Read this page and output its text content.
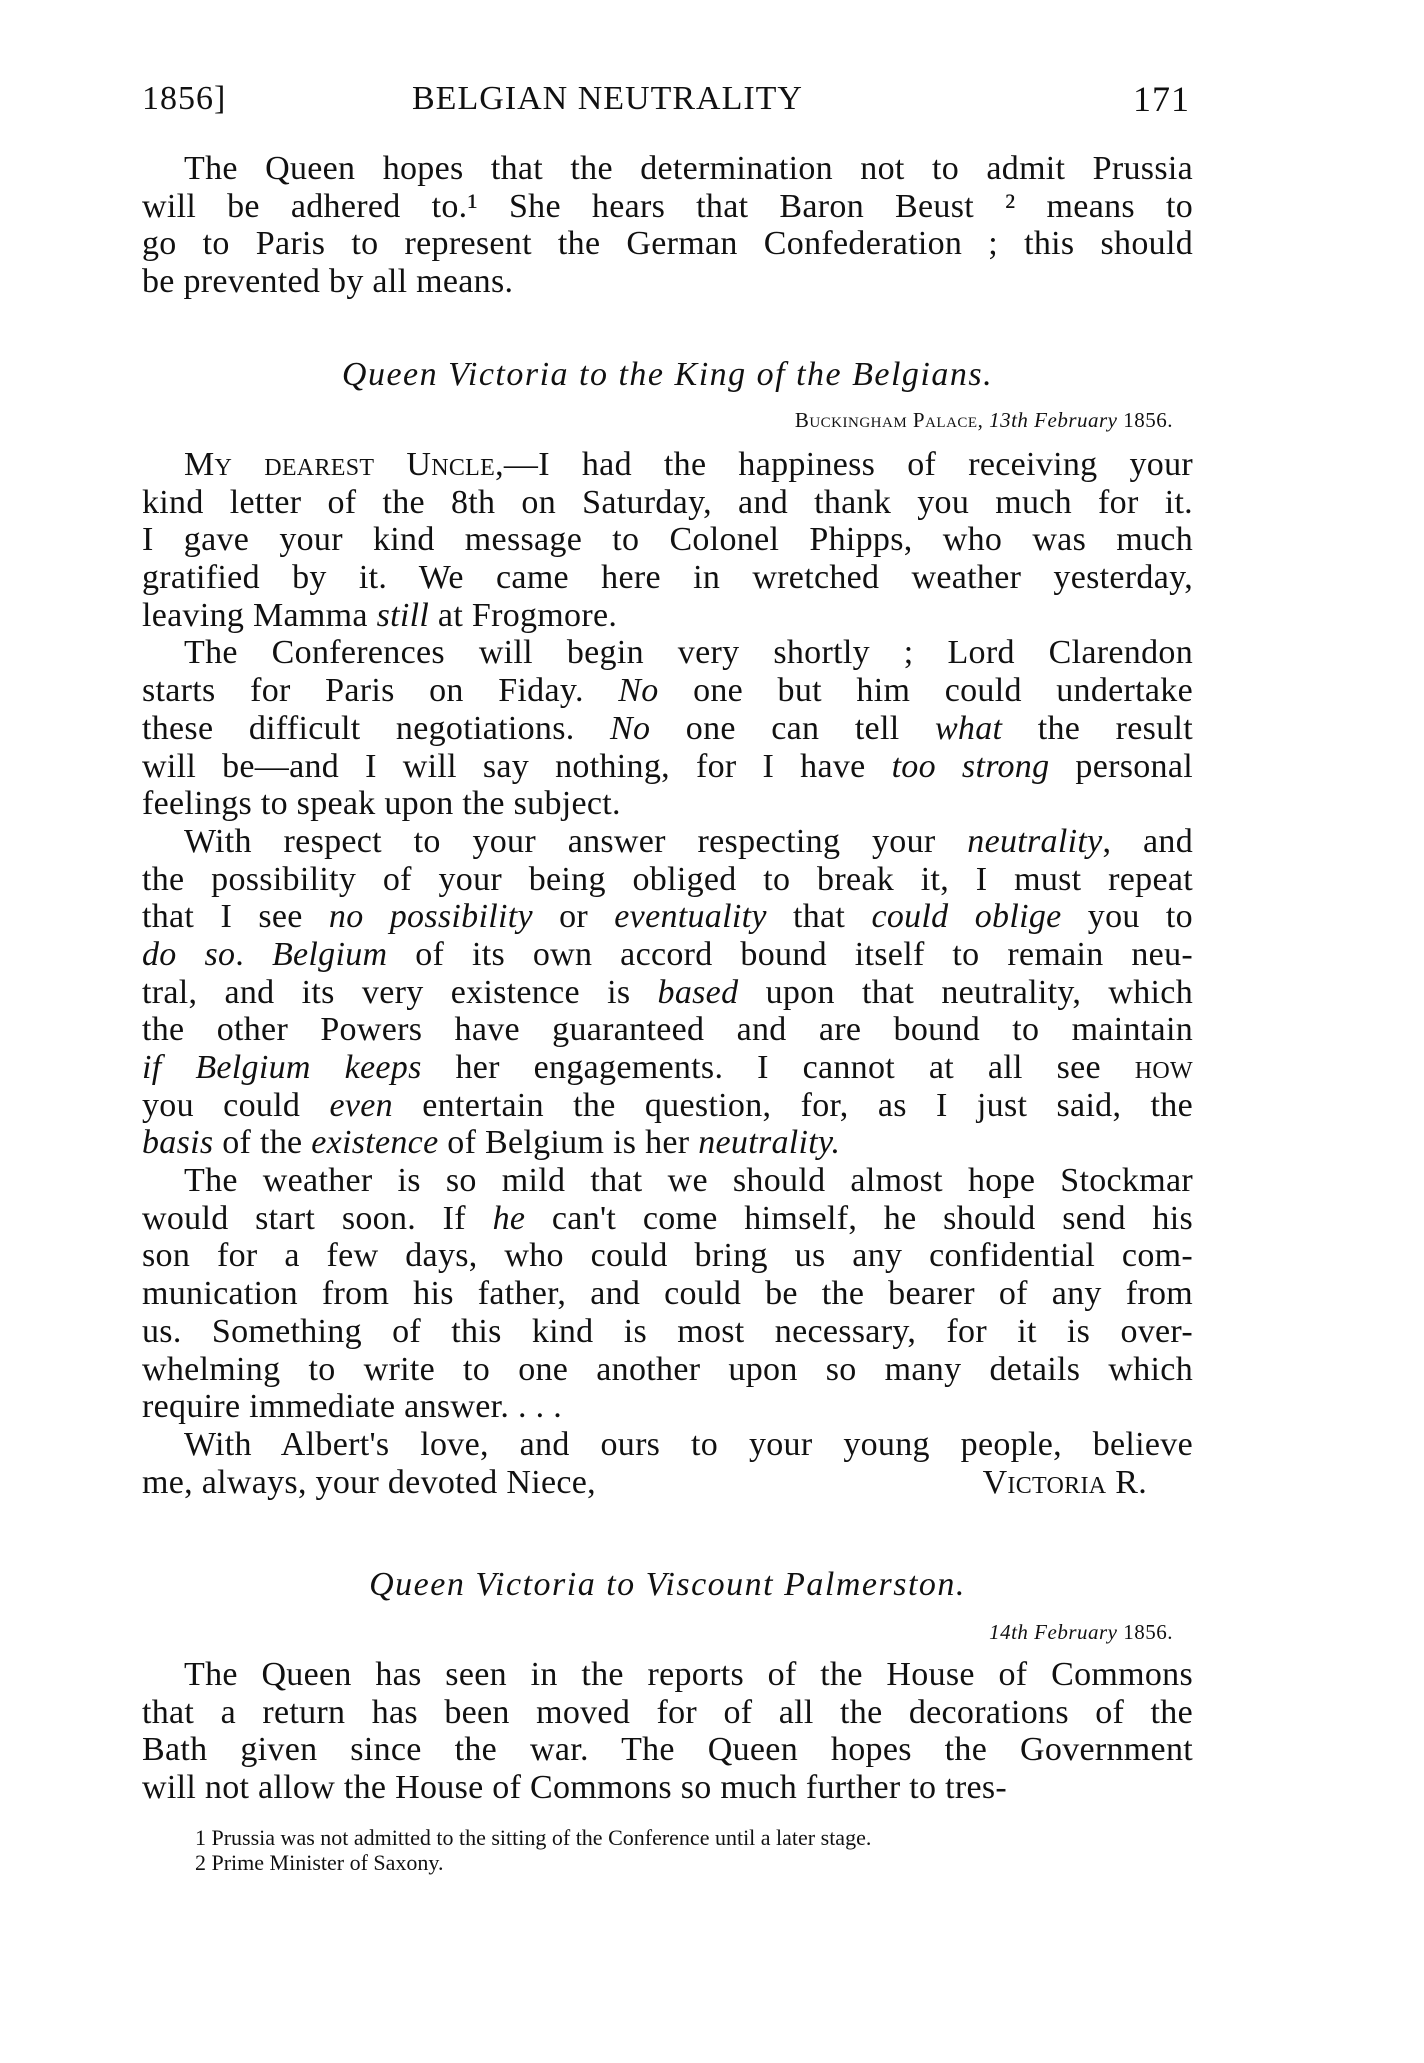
1856]	BELGIAN NEUTRALITY	171
The Queen hopes that the determination not to admit Prussia
will be adhered to.¹ She hears that Baron Beust ² means to
go to Paris to represent the German Confederation ; this should
be prevented by all means.
Queen Victoria to the King of the Belgians.
Buckingham Palace, 13th February 1856.
My dearest Uncle,—I had the happiness of receiving your
kind letter of the 8th on Saturday, and thank you much for it.
I gave your kind message to Colonel Phipps, who was much
gratified by it. We came here in wretched weather yesterday,
leaving Mamma still at Frogmore.
The Conferences will begin very shortly ; Lord Clarendon
starts for Paris on Fiday. No one but him could undertake
these difficult negotiations. No one can tell what the result
will be—and I will say nothing, for I have too strong personal
feelings to speak upon the subject.
With respect to your answer respecting your neutrality, and
the possibility of your being obliged to break it, I must repeat
that I see no possibility or eventuality that could oblige you to
do so. Belgium of its own accord bound itself to remain neu-
tral, and its very existence is based upon that neutrality, which
the other Powers have guaranteed and are bound to maintain
if Belgium keeps her engagements. I cannot at all see how
you could even entertain the question, for, as I just said, the
basis of the existence of Belgium is her neutrality.
The weather is so mild that we should almost hope Stockmar
would start soon. If he can't come himself, he should send his
son for a few days, who could bring us any confidential com-
munication from his father, and could be the bearer of any from
us. Something of this kind is most necessary, for it is over-
whelming to write to one another upon so many details which
require immediate answer. . . .
With Albert's love, and ours to your young people, believe
me, always, your devoted Niece,	Victoria R.
Queen Victoria to Viscount Palmerston.
14th February 1856.
The Queen has seen in the reports of the House of Commons
that a return has been moved for of all the decorations of the
Bath given since the war. The Queen hopes the Government
will not allow the House of Commons so much further to tres-
1 Prussia was not admitted to the sitting of the Conference until a later stage.
2 Prime Minister of Saxony.
